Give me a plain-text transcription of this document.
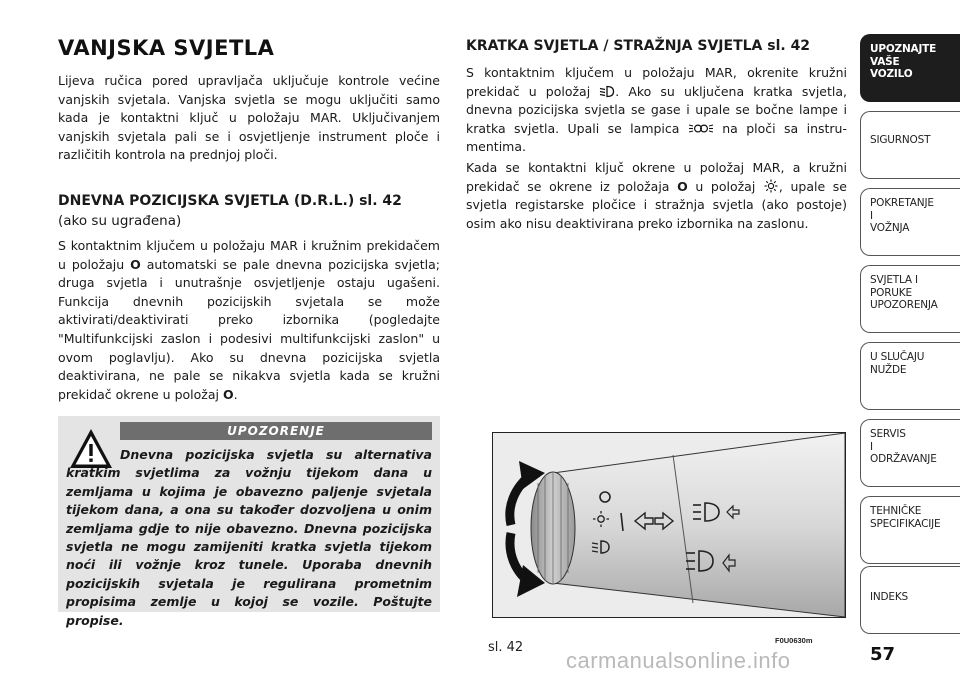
VANJSKA SVJETLA

Lijeva ručica pored upravljača uključuje kontrole većine vanjskih svjetala. Vanjska svjetla se mogu uključiti samo kada je kontaktni ključ u položaju MAR. Uključivanjem vanjskih svjetala pali se i osvjetljenje instrument ploče i različitih kontrola na prednjoj ploči.

DNEVNA POZICIJSKA SVJETLA (D.R.L.) sl. 42

(ako su ugrađena)

S kontaktnim ključem u položaju MAR i kružnim prekidačem u položaju O automatski se pale dnevna pozicijska svjetla; druga svjetla i unutrašnje osvjetljenje ostaju ugašeni. Funkcija dnevnih pozicijskih svjetala se može aktivirati/deaktivirati preko izbornika (pogledajte "Multifunkcijski zaslon i podesivi multifunkcijski zaslon" u ovom poglavlju). Ako su dnevna pozicijska svjetla deaktivirana, ne pale se nikakva svjetla kada se kružni prekidač okrene u položaj O.

UPOZORENJE
Dnevna pozicijska svjetla su alternativa kratkim svjetlima za vožnju tijekom dana u zemljama u kojima je obavezno paljenje svjetala tijekom dana, a ona su također dozvoljena u onim zemljama gdje to nije obavezno. Dnevna pozicijska svjetla ne mogu zamijeniti kratka svjetla tijekom noći ili vožnje kroz tunele. Uporaba dnevnih pozicijskih svjetala je regulirana prometnim propisima zemlje u kojoj se vozile. Poštujte propise.
KRATKA SVJETLA / STRAŽNJA SVJETLA sl. 42

S kontaktnim ključem u položaju MAR, okrenite kružni prekidač u položaj . Ako su uključena kratka svjetla, dnevna pozicijska svjetla se gase i upale se bočne lampe i kratka svjetla. Upali se lampica	na ploči sa instru-mentima.

Kada se kontaktni ključ okrene u položaj MAR, a kružni prekidač se okrene iz položaja O u položaj , upale se svjetla registarske pločice i stražnja svjetla (ako postoje) osim ako nisu deaktivirana preko izbornika na zaslonu.

F0U0630m
sl. 42
UPOZNAJTE
VAŠE
VOZILO
SIGURNOST
POKRETANJE
I
VOŽNJA
SVJETLA I
PORUKE
UPOZORENJA
U SLUČAJU
NUŽDE
SERVIS
I
ODRŽAVANJE
TEHNIČKE
SPECIFIKACIJE
INDEKS
57
carmanualsonline.info
